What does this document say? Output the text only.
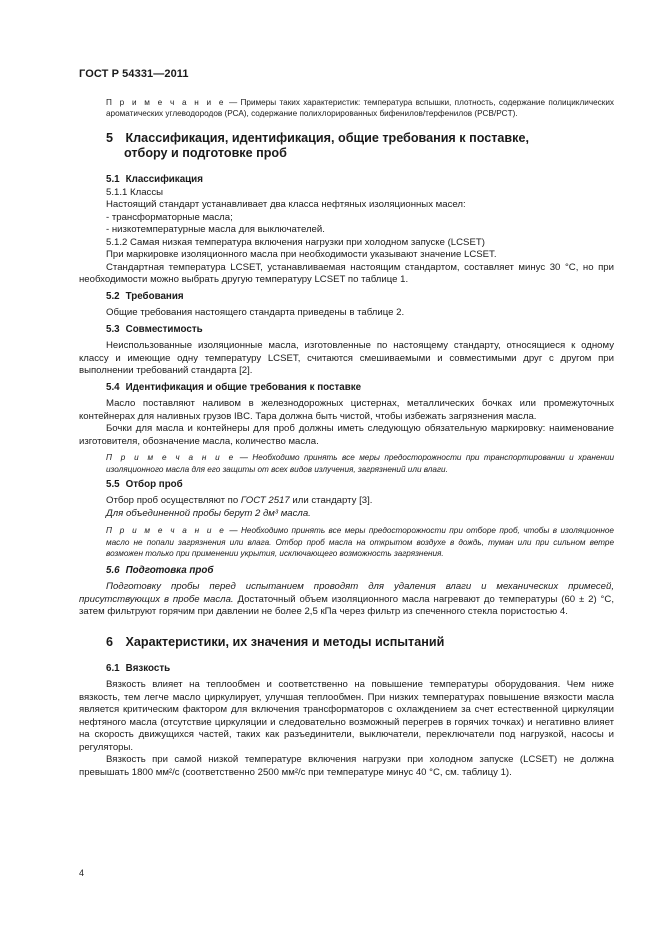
ГОСТ Р 54331—2011

П р и м е ч а н и е — Примеры таких характеристик: температура вспышки, плотность, содержание полициклических ароматических углеводородов (РСА), содержание полихлорированных бифенилов/терфенилов (PCB/PCT).

5 Классификация, идентификация, общие требования к поставке,
отбору и подготовке проб
5.1 Классификация

5.1.1 Классы

Настоящий стандарт устанавливает два класса нефтяных изоляционных масел:

- трансформаторные масла;

- низкотемпературные масла для выключателей.

5.1.2 Самая низкая температура включения нагрузки при холодном запуске (LCSET)

При маркировке изоляционного масла при необходимости указывают значение LCSET.

Стандартная температура LCSET, устанавливаемая настоящим стандартом, составляет минус 30 °С, но при необходимости можно выбрать другую температуру LCSET по таблице 1.

5.2 Требования

Общие требования настоящего стандарта приведены в таблице 2.

5.3 Совместимость

Неиспользованные изоляционные масла, изготовленные по настоящему стандарту, относящиеся к одному классу и имеющие одну температуру LCSET, считаются смешиваемыми и совместимыми друг с другом при выполнении требований стандарта [2].

5.4 Идентификация и общие требования к поставке

Масло поставляют наливом в железнодорожных цистернах, металлических бочках или промежуточных контейнерах для наливных грузов IBC. Тара должна быть чистой, чтобы избежать загрязнения масла.

Бочки для масла и контейнеры для проб должны иметь следующую обязательную маркировку: наименование изготовителя, обозначение масла, количество масла.

П р и м е ч а н и е — Необходимо принять все меры предосторожности при транспортировании и хранении изоляционного масла для его защиты от всех видов излучения, загрязнений или влаги.

5.5 Отбор проб

Отбор проб осуществляют по ГОСТ 2517 или стандарту [3].

Для объединенной пробы берут 2 дм³ масла.

П р и м е ч а н и е — Необходимо принять все меры предосторожности при отборе проб, чтобы в изоляционное масло не попали загрязнения или влага. Отбор проб масла на открытом воздухе в дождь, туман или при сильном ветре возможен только при применении укрытия, исключающего возможность загрязнения.

5.6 Подготовка проб

Подготовку пробы перед испытанием проводят для удаления влаги и механических примесей, присутствующих в пробе масла. Достаточный объем изоляционного масла нагревают до температуры (60 ± 2) °С, затем фильтруют горячим при давлении не более 2,5 кПа через фильтр из спеченного стекла пористостью 4.

6 Характеристики, их значения и методы испытаний
6.1 Вязкость

Вязкость влияет на теплообмен и соответственно на повышение температуры оборудования. Чем ниже вязкость, тем легче масло циркулирует, улучшая теплообмен. При низких температурах повышение вязкости масла является критическим фактором для включения трансформаторов с охлаждением за счет естественной циркуляции нефтяного масла (отсутствие циркуляции и следовательно возможный перегрев в горячих точках) и негативно влияет на скорость движущихся частей, таких как разъединители, выключатели, переключатели под нагрузкой, насосы и регуляторы.

Вязкость при самой низкой температуре включения нагрузки при холодном запуске (LCSET) не должна превышать 1800 мм²/с (соответственно 2500 мм²/с при температуре минус 40 °С, см. таблицу 1).

4
